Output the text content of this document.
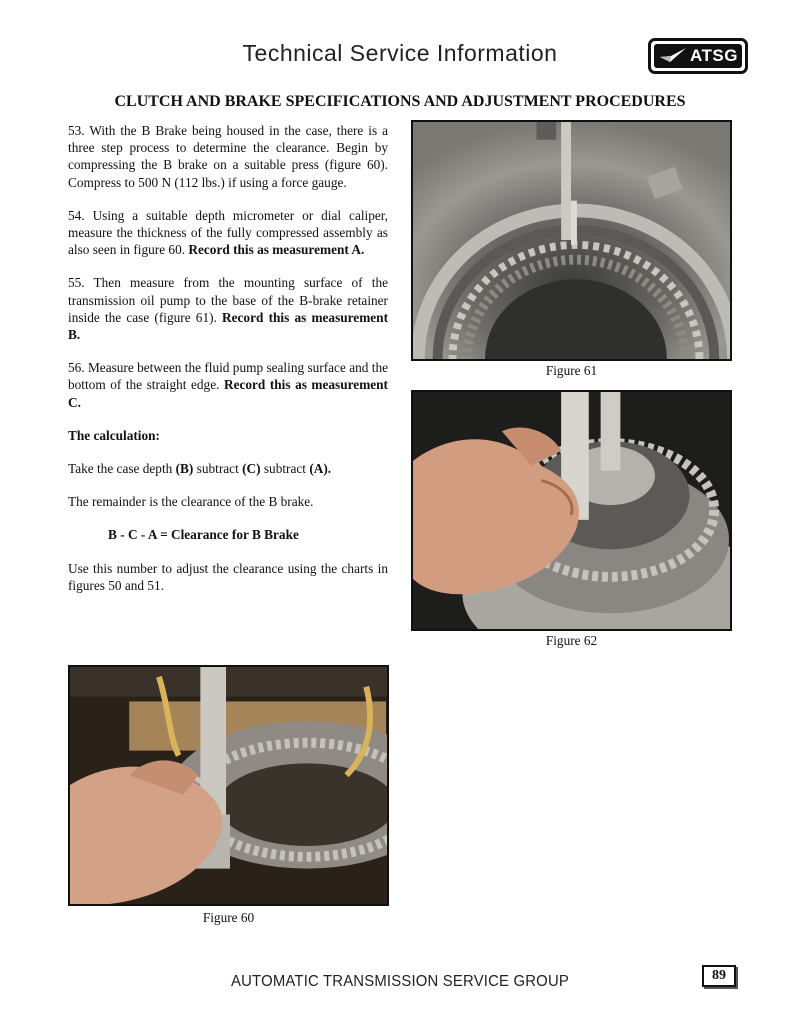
Technical Service Information	ATSG
CLUTCH AND BRAKE SPECIFICATIONS AND ADJUSTMENT PROCEDURES

53. With the B Brake being housed in the case, there is a three step process to determine the clearance. Begin by compressing the B brake on a suitable press (figure 60). Compress to 500 N (112 lbs.) if using a force gauge.

54. Using a suitable depth micrometer or dial caliper, measure the thickness of the fully compressed assembly as also seen in figure 60. Record this as measurement A.

55. Then measure from the mounting surface of the transmission oil pump to the base of the B-brake retainer inside the case (figure 61). Record this as measurement B.

56. Measure between the fluid pump sealing surface and the bottom of the straight edge. Record this as measurement C.

The calculation:

Take the case depth (B) subtract (C) subtract (A).

The remainder is the clearance of the B brake.

B - C - A = Clearance for B Brake

Use this number to adjust the clearance using the charts in figures 50 and 51.

Figure 61
Figure 62
Figure 60
AUTOMATIC TRANSMISSION SERVICE GROUP	89
